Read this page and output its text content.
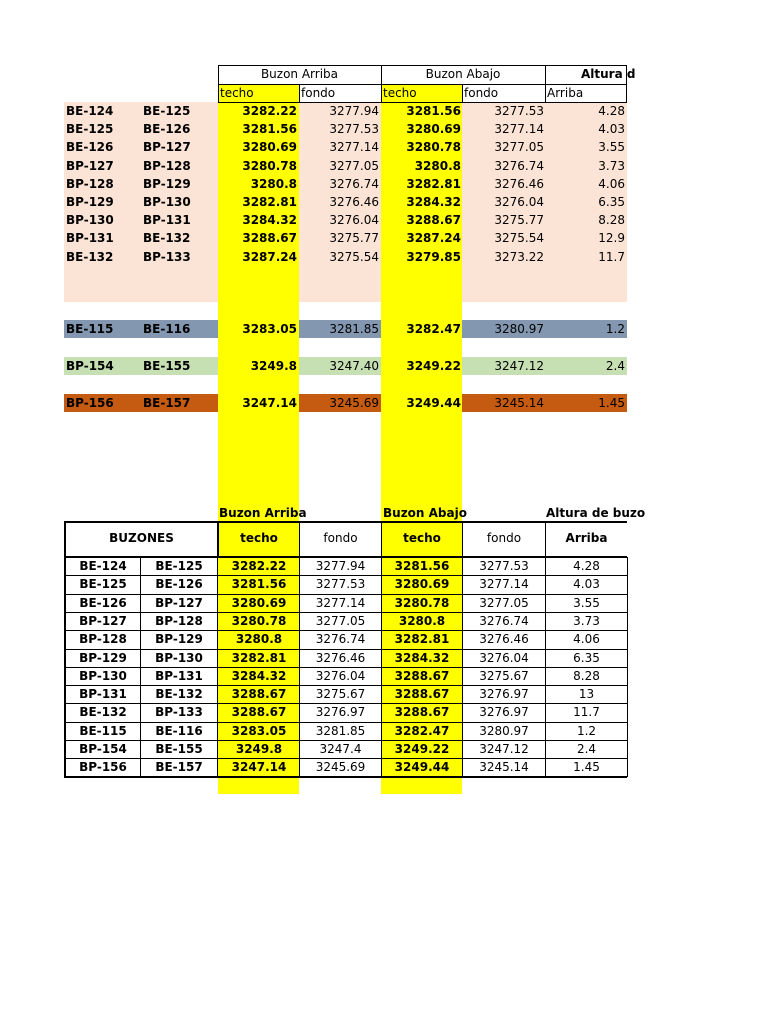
Buzon Arriba	Buzon Abajo	Altura d
techo	fondo	techo	fondo	Arriba
BE-124	BE-125	3282.22	3277.94	3281.56	3277.53	4.28
BE-125	BE-126	3281.56	3277.53	3280.69	3277.14	4.03
BE-126	BP-127	3280.69	3277.14	3280.78	3277.05	3.55
BP-127	BP-128	3280.78	3277.05	3280.8	3276.74	3.73
BP-128	BP-129	3280.8	3276.74	3282.81	3276.46	4.06
BP-129	BP-130	3282.81	3276.46	3284.32	3276.04	6.35
BP-130	BP-131	3284.32	3276.04	3288.67	3275.77	8.28
BP-131	BE-132	3288.67	3275.77	3287.24	3275.54	12.9
BE-132	BP-133	3287.24	3275.54	3279.85	3273.22	11.7
BE-115	BE-116	3283.05	3281.85	3282.47	3280.97	1.2
BP-154	BE-155	3249.8	3247.40	3249.22	3247.12	2.4
BP-156	BE-157	3247.14	3245.69	3249.44	3245.14	1.45
Buzon Arriba	Buzon Abajo	Altura de buzo
BUZONES	techo	fondo	techo	fondo	Arriba
BE-124	BE-125	3282.22	3277.94	3281.56	3277.53	4.28
BE-125	BE-126	3281.56	3277.53	3280.69	3277.14	4.03
BE-126	BP-127	3280.69	3277.14	3280.78	3277.05	3.55
BP-127	BP-128	3280.78	3277.05	3280.8	3276.74	3.73
BP-128	BP-129	3280.8	3276.74	3282.81	3276.46	4.06
BP-129	BP-130	3282.81	3276.46	3284.32	3276.04	6.35
BP-130	BP-131	3284.32	3276.04	3288.67	3275.67	8.28
BP-131	BE-132	3288.67	3275.67	3288.67	3276.97	13
BE-132	BP-133	3288.67	3276.97	3288.67	3276.97	11.7
BE-115	BE-116	3283.05	3281.85	3282.47	3280.97	1.2
BP-154	BE-155	3249.8	3247.4	3249.22	3247.12	2.4
BP-156	BE-157	3247.14	3245.69	3249.44	3245.14	1.45
